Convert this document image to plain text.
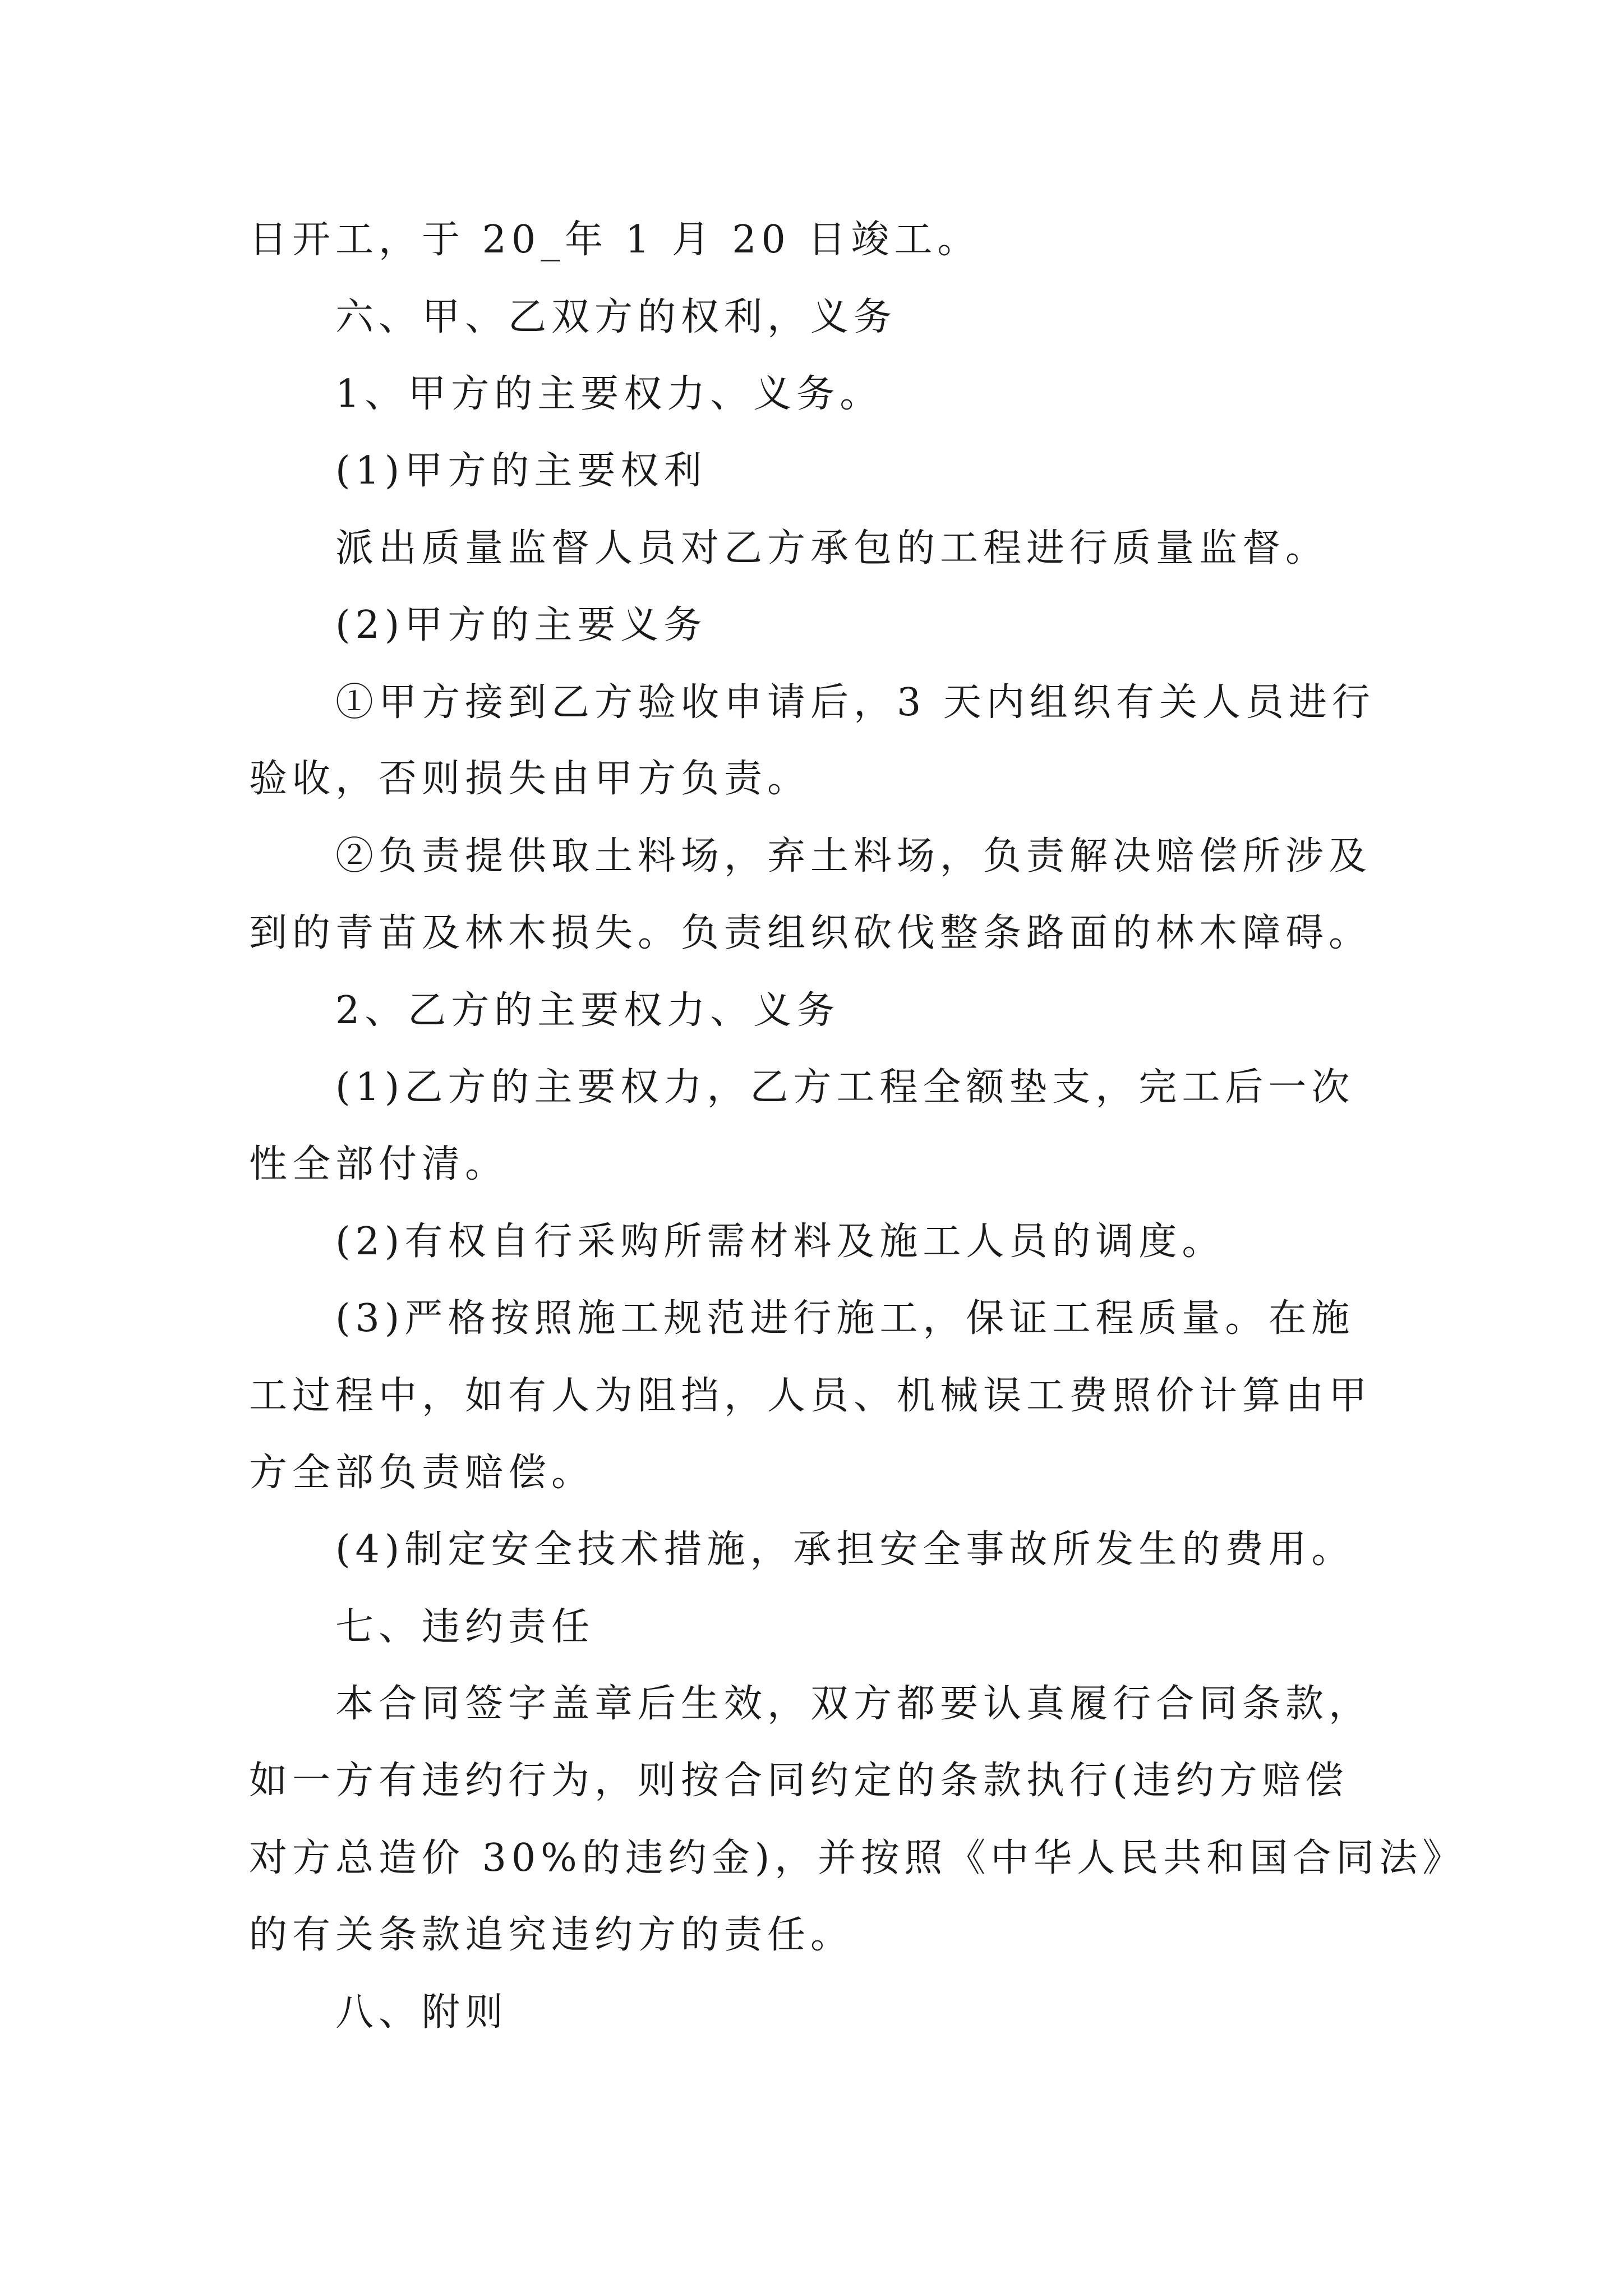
日开工，于 20_年 1 月 20 日竣工。
六、甲、乙双方的权利，义务
1、甲方的主要权力、义务。
(1)甲方的主要权利
派出质量监督人员对乙方承包的工程进行质量监督。
(2)甲方的主要义务
①甲方接到乙方验收申请后，3 天内组织有关人员进行
验收，否则损失由甲方负责。
②负责提供取土料场，弃土料场，负责解决赔偿所涉及
到的青苗及林木损失。负责组织砍伐整条路面的林木障碍。
2、乙方的主要权力、义务
(1)乙方的主要权力，乙方工程全额垫支，完工后一次
性全部付清。
(2)有权自行采购所需材料及施工人员的调度。
(3)严格按照施工规范进行施工，保证工程质量。在施
工过程中，如有人为阻挡，人员、机械误工费照价计算由甲
方全部负责赔偿。
(4)制定安全技术措施，承担安全事故所发生的费用。
七、违约责任
本合同签字盖章后生效，双方都要认真履行合同条款，
如一方有违约行为，则按合同约定的条款执行(违约方赔偿
对方总造价 30%的违约金)，并按照《中华人民共和国合同法》
的有关条款追究违约方的责任。
八、附则
